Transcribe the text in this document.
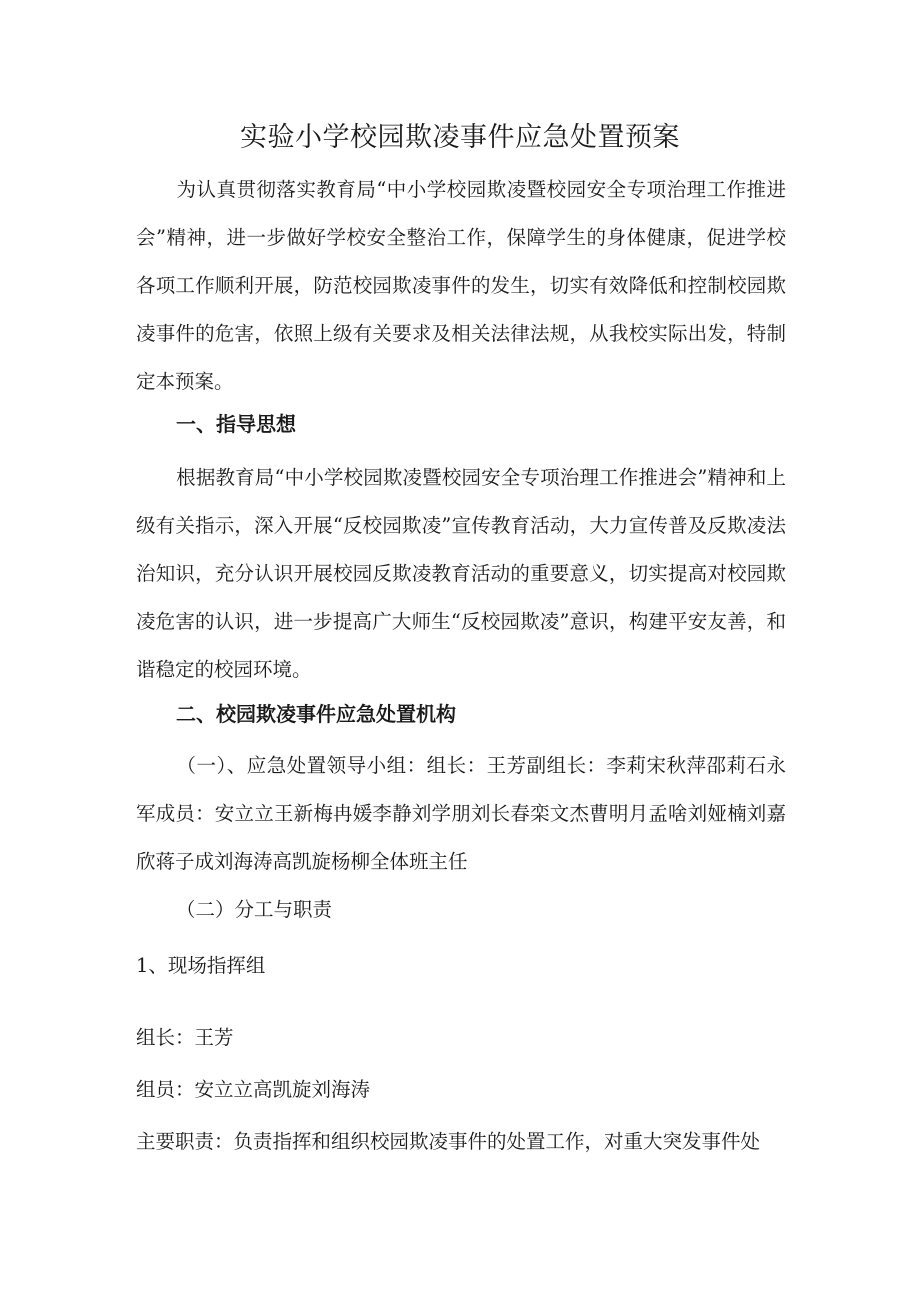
实验小学校园欺凌事件应急处置预案
为认真贯彻落实教育局“中小学校园欺凌暨校园安全专项治理工作推进会”精神，进一步做好学校安全整治工作，保障学生的身体健康，促进学校各项工作顺利开展，防范校园欺凌事件的发生，切实有效降低和控制校园欺凌事件的危害，依照上级有关要求及相关法律法规，从我校实际出发，特制定本预案。
一、指导思想
根据教育局“中小学校园欺凌暨校园安全专项治理工作推进会”精神和上级有关指示，深入开展“反校园欺凌”宣传教育活动，大力宣传普及反欺凌法治知识，充分认识开展校园反欺凌教育活动的重要意义，切实提高对校园欺凌危害的认识，进一步提高广大师生“反校园欺凌”意识，构建平安友善，和谐稳定的校园环境。
二、校园欺凌事件应急处置机构
（一）、应急处置领导小组：组长：王芳副组长：李莉宋秋萍邵莉石永军成员：安立立王新梅冉媛李静刘学朋刘长春栾文杰曹明月孟啥刘娅楠刘嘉欣蒋子成刘海涛高凯旋杨柳全体班主任
（二）分工与职责
1、现场指挥组
组长：王芳
组员：安立立高凯旋刘海涛
主要职责：负责指挥和组织校园欺凌事件的处置工作，对重大突发事件处
